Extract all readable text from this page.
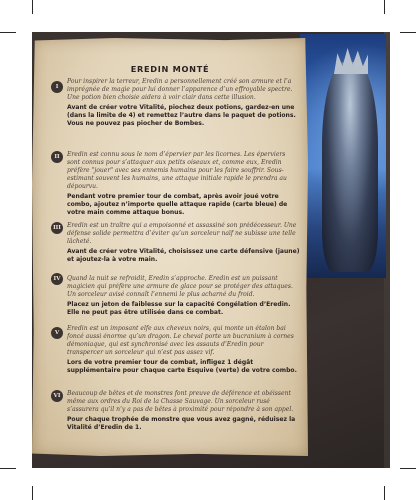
EREDIN MONTÉ
I

Pour inspirer la terreur, Eredin a personnellement créé son armure et l’a imprégnée de magie pour lui donner l’apparence d’un effroyable spectre. Une potion bien choisie aidera à voir clair dans cette illusion.

Avant de créer votre Vitalité, piochez deux potions, gardez-en une (dans la limite de 4) et remettez l’autre dans le paquet de potions. Vous ne pouvez pas piocher de Bombes.

II	Eredin est connu sous le nom d’épervier par les licornes. Les éperviers sont connus pour s’attaquer aux petits oiseaux et, comme eux, Eredin préfère "jouer" avec ses ennemis humains pour les faire souffrir. Sous-estimant souvent les humains, une attaque initiale rapide le prendra au dépourvu.

Pendant votre premier tour de combat, après avoir joué votre combo, ajoutez n’importe quelle attaque rapide (carte bleue) de votre main comme attaque bonus.

III	Eredin est un traître qui a empoisonné et assassiné son prédécesseur. Une défense solide permettra d’éviter qu’un sorceleur naïf ne subisse une telle lâcheté.

Avant de créer votre Vitalité, choisissez une carte défensive (jaune) et ajoutez-la à votre main.

IV	Quand la nuit se refroidit, Eredin s’approche. Eredin est un puissant magicien qui préfère une armure de glace pour se protéger des attaques. Un sorceleur avisé connaît l’ennemi le plus acharné du froid.

Placez un jeton de faiblesse sur la capacité Congélation d’Eredin. Elle ne peut pas être utilisée dans ce combat.

V

Eredin est un imposant elfe aux cheveux noirs, qui monte un étalon bai foncé aussi énorme qu’un dragon. Le cheval porte un bucranium à cornes démoniaque, qui est synchronisé avec les assauts d’Eredin pour transpercer un sorceleur qui n’est pas assez vif.

Lors de votre premier tour de combat, infligez 1 dégât supplémentaire pour chaque carte Esquive (verte) de votre combo.

VI	Beaucoup de bêtes et de monstres font preuve de déférence et obéissent même aux ordres du Roi de la Chasse Sauvage. Un sorceleur rusé s’assurera qu’il n’y a pas de bêtes à proximité pour répondre à son appel.

Pour chaque trophée de monstre que vous avez gagné, réduisez la Vitalité d’Eredin de 1.
